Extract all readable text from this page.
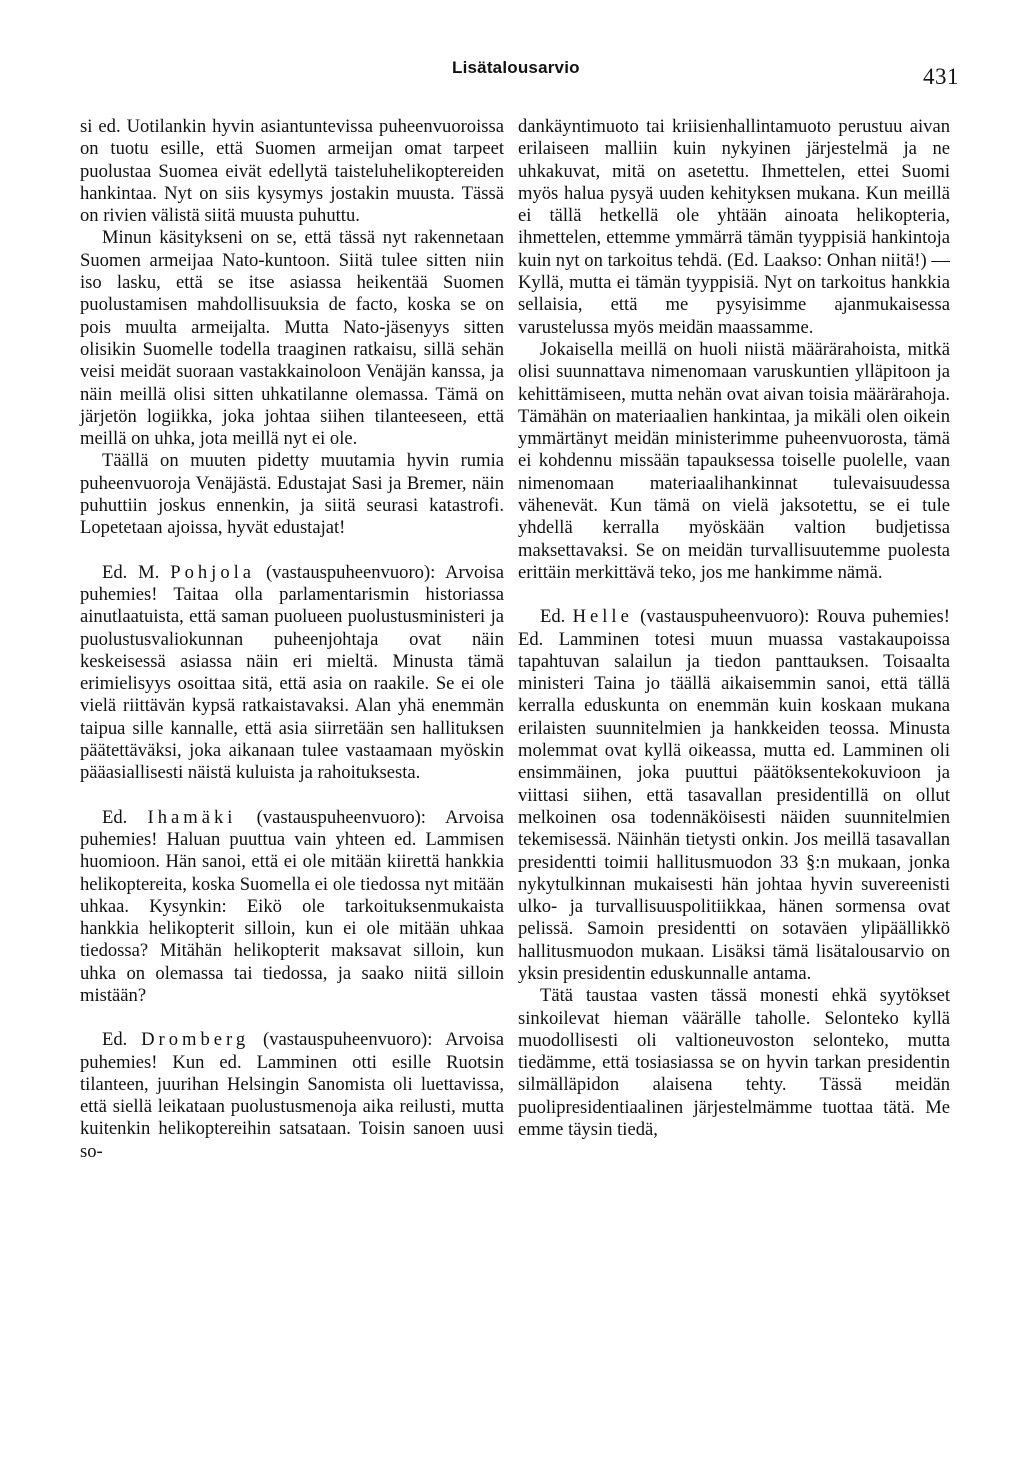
Lisätalousarvio	431

si ed. Uotilankin hyvin asiantuntevissa puheenvuoroissa on tuotu esille, että Suomen armeijan omat tarpeet puolustaa Suomea eivät edellytä taisteluhelikoptereiden hankintaa. Nyt on siis kysymys jostakin muusta. Tässä on rivien välistä siitä muusta puhuttu.

Minun käsitykseni on se, että tässä nyt rakennetaan Suomen armeijaa Nato-kuntoon. Siitä tulee sitten niin iso lasku, että se itse asiassa heikentää Suomen puolustamisen mahdollisuuksia de facto, koska se on pois muulta armeijalta. Mutta Nato-jäsenyys sitten olisikin Suomelle todella traaginen ratkaisu, sillä sehän veisi meidät suoraan vastakkainoloon Venäjän kanssa, ja näin meillä olisi sitten uhkatilanne olemassa. Tämä on järjetön logiikka, joka johtaa siihen tilanteeseen, että meillä on uhka, jota meillä nyt ei ole.

Täällä on muuten pidetty muutamia hyvin rumia puheenvuoroja Venäjästä. Edustajat Sasi ja Bremer, näin puhuttiin joskus ennenkin, ja siitä seurasi katastrofi. Lopetetaan ajoissa, hyvät edustajat!

Ed. M. Pohjola (vastauspuheenvuoro): Arvoisa puhemies! Taitaa olla parlamentarismin historiassa ainutlaatuista, että saman puolueen puolustusministeri ja puolustusvaliokunnan puheenjohtaja ovat näin keskeisessä asiassa näin eri mieltä. Minusta tämä erimielisyys osoittaa sitä, että asia on raakile. Se ei ole vielä riittävän kypsä ratkaistavaksi. Alan yhä enemmän taipua sille kannalle, että asia siirretään sen hallituksen päätettäväksi, joka aikanaan tulee vastaamaan myöskin pääasiallisesti näistä kuluista ja rahoituksesta.

Ed. Ihamäki (vastauspuheenvuoro): Arvoisa puhemies! Haluan puuttua vain yhteen ed. Lammisen huomioon. Hän sanoi, että ei ole mitään kiirettä hankkia helikoptereita, koska Suomella ei ole tiedossa nyt mitään uhkaa. Kysynkin: Eikö ole tarkoituksenmukaista hankkia helikopterit silloin, kun ei ole mitään uhkaa tiedossa? Mitähän helikopterit maksavat silloin, kun uhka on olemassa tai tiedossa, ja saako niitä silloin mistään?

Ed. Dromberg (vastauspuheenvuoro): Arvoisa puhemies! Kun ed. Lamminen otti esille Ruotsin tilanteen, juurihan Helsingin Sanomista oli luettavissa, että siellä leikataan puolustusmenoja aika reilusti, mutta kuitenkin helikoptereihin satsataan. Toisin sanoen uusi so-

dankäyntimuoto tai kriisienhallintamuoto perustuu aivan erilaiseen malliin kuin nykyinen järjestelmä ja ne uhkakuvat, mitä on asetettu. Ihmettelen, ettei Suomi myös halua pysyä uuden kehityksen mukana. Kun meillä ei tällä hetkellä ole yhtään ainoata helikopteria, ihmettelen, ettemme ymmärrä tämän tyyppisiä hankintoja kuin nyt on tarkoitus tehdä. (Ed. Laakso: Onhan niitä!) — Kyllä, mutta ei tämän tyyppisiä. Nyt on tarkoitus hankkia sellaisia, että me pysyisimme ajanmukaisessa varustelussa myös meidän maassamme.

Jokaisella meillä on huoli niistä määrärahoista, mitkä olisi suunnattava nimenomaan varuskuntien ylläpitoon ja kehittämiseen, mutta nehän ovat aivan toisia määrärahoja. Tämähän on materiaalien hankintaa, ja mikäli olen oikein ymmärtänyt meidän ministerimme puheenvuorosta, tämä ei kohdennu missään tapauksessa toiselle puolelle, vaan nimenomaan materiaalihankinnat tulevaisuudessa vähenevät. Kun tämä on vielä jaksotettu, se ei tule yhdellä kerralla myöskään valtion budjetissa maksettavaksi. Se on meidän turvallisuutemme puolesta erittäin merkittävä teko, jos me hankimme nämä.

Ed. Helle (vastauspuheenvuoro): Rouva puhemies! Ed. Lamminen totesi muun muassa vastakaupoissa tapahtuvan salailun ja tiedon panttauksen. Toisaalta ministeri Taina jo täällä aikaisemmin sanoi, että tällä kerralla eduskunta on enemmän kuin koskaan mukana erilaisten suunnitelmien ja hankkeiden teossa. Minusta molemmat ovat kyllä oikeassa, mutta ed. Lamminen oli ensimmäinen, joka puuttui päätöksentekokuvioon ja viittasi siihen, että tasavallan presidentillä on ollut melkoinen osa todennäköisesti näiden suunnitelmien tekemisessä. Näinhän tietysti onkin. Jos meillä tasavallan presidentti toimii hallitusmuodon 33 §:n mukaan, jonka nykytulkinnan mukaisesti hän johtaa hyvin suvereenisti ulko- ja turvallisuuspolitiikkaa, hänen sormensa ovat pelissä. Samoin presidentti on sotaväen ylipäällikkö hallitusmuodon mukaan. Lisäksi tämä lisätalousarvio on yksin presidentin eduskunnalle antama.

Tätä taustaa vasten tässä monesti ehkä syytökset sinkoilevat hieman väärälle taholle. Selonteko kyllä muodollisesti oli valtioneuvoston selonteko, mutta tiedämme, että tosiasiassa se on hyvin tarkan presidentin silmälläpidon alaisena tehty. Tässä meidän puolipresidentiaalinen järjestelmämme tuottaa tätä. Me emme täysin tiedä,
